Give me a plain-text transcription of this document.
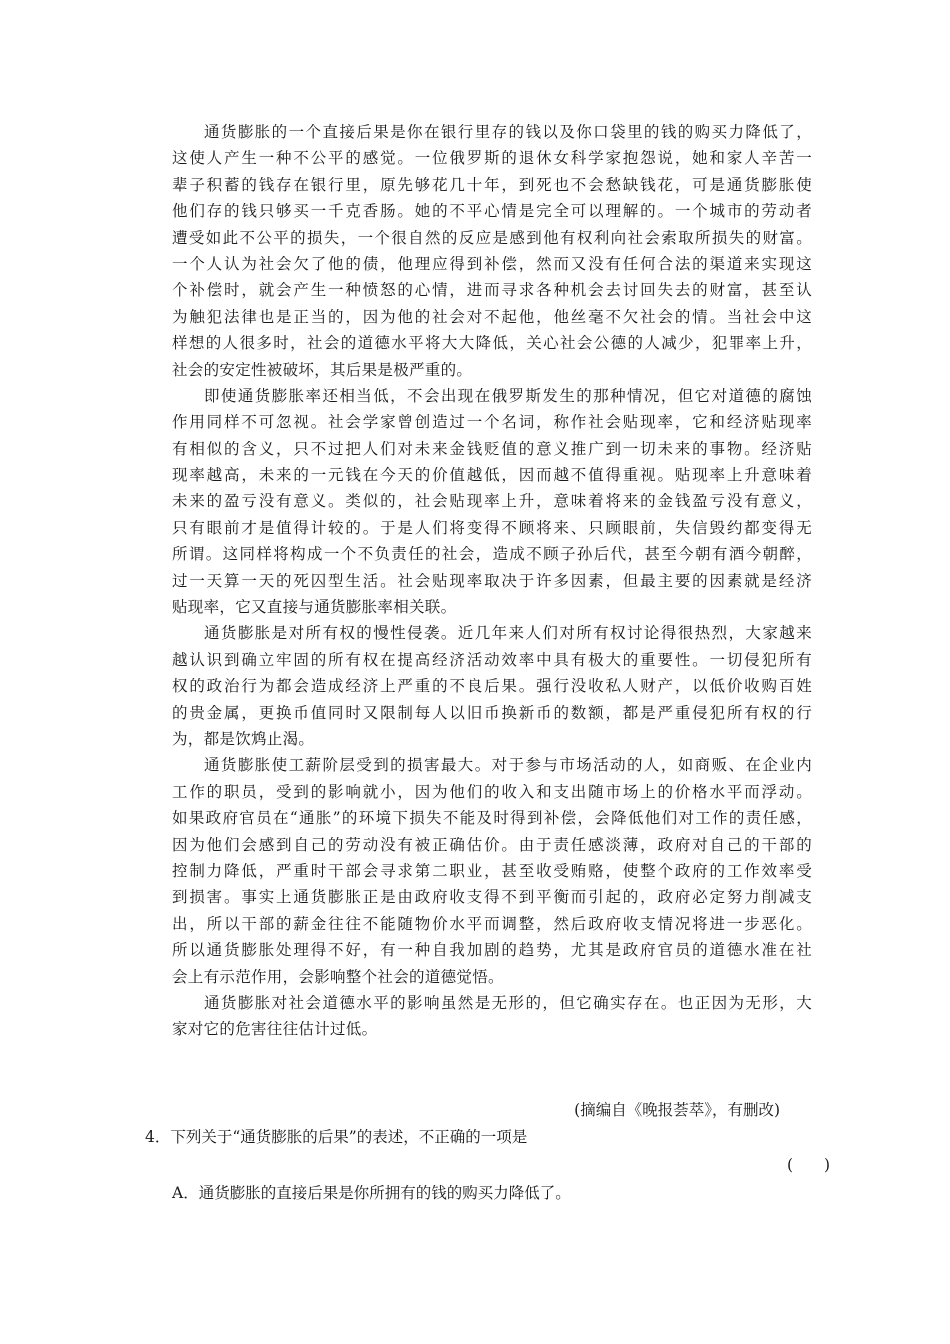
通货膨胀的一个直接后果是你在银行里存的钱以及你口袋里的钱的购买力降低了，
这使人产生一种不公平的感觉。一位俄罗斯的退休女科学家抱怨说，她和家人辛苦一
辈子积蓄的钱存在银行里，原先够花几十年，到死也不会愁缺钱花，可是通货膨胀使
他们存的钱只够买一千克香肠。她的不平心情是完全可以理解的。一个城市的劳动者
遭受如此不公平的损失，一个很自然的反应是感到他有权利向社会索取所损失的财富。
一个人认为社会欠了他的债，他理应得到补偿，然而又没有任何合法的渠道来实现这
个补偿时，就会产生一种愤怒的心情，进而寻求各种机会去讨回失去的财富，甚至认
为触犯法律也是正当的，因为他的社会对不起他，他丝毫不欠社会的情。当社会中这
样想的人很多时，社会的道德水平将大大降低，关心社会公德的人减少，犯罪率上升，
社会的安定性被破坏，其后果是极严重的。
即使通货膨胀率还相当低，不会出现在俄罗斯发生的那种情况，但它对道德的腐蚀
作用同样不可忽视。社会学家曾创造过一个名词，称作社会贴现率，它和经济贴现率
有相似的含义，只不过把人们对未来金钱贬值的意义推广到一切未来的事物。经济贴
现率越高，未来的一元钱在今天的价值越低，因而越不值得重视。贴现率上升意味着
未来的盈亏没有意义。类似的，社会贴现率上升，意味着将来的金钱盈亏没有意义，
只有眼前才是值得计较的。于是人们将变得不顾将来、只顾眼前，失信毁约都变得无
所谓。这同样将构成一个不负责任的社会，造成不顾子孙后代，甚至今朝有酒今朝醉，
过一天算一天的死囚型生活。社会贴现率取决于许多因素，但最主要的因素就是经济
贴现率，它又直接与通货膨胀率相关联。
通货膨胀是对所有权的慢性侵袭。近几年来人们对所有权讨论得很热烈，大家越来
越认识到确立牢固的所有权在提高经济活动效率中具有极大的重要性。一切侵犯所有
权的政治行为都会造成经济上严重的不良后果。强行没收私人财产，以低价收购百姓
的贵金属，更换币值同时又限制每人以旧币换新币的数额，都是严重侵犯所有权的行
为，都是饮鸩止渴。
通货膨胀使工薪阶层受到的损害最大。对于参与市场活动的人，如商贩、在企业内
工作的职员，受到的影响就小，因为他们的收入和支出随市场上的价格水平而浮动。
如果政府官员在“通胀”的环境下损失不能及时得到补偿，会降低他们对工作的责任感，
因为他们会感到自己的劳动没有被正确估价。由于责任感淡薄，政府对自己的干部的
控制力降低，严重时干部会寻求第二职业，甚至收受贿赂，使整个政府的工作效率受
到损害。事实上通货膨胀正是由政府收支得不到平衡而引起的，政府必定努力削减支
出，所以干部的薪金往往不能随物价水平而调整，然后政府收支情况将进一步恶化。
所以通货膨胀处理得不好，有一种自我加剧的趋势，尤其是政府官员的道德水准在社
会上有示范作用，会影响整个社会的道德觉悟。
通货膨胀对社会道德水平的影响虽然是无形的，但它确实存在。也正因为无形，大
家对它的危害往往估计过低。
(摘编自《晚报荟萃》，有删改)
4．下列关于“通货膨胀的后果”的表述，不正确的一项是
(　　)
A．通货膨胀的直接后果是你所拥有的钱的购买力降低了。
